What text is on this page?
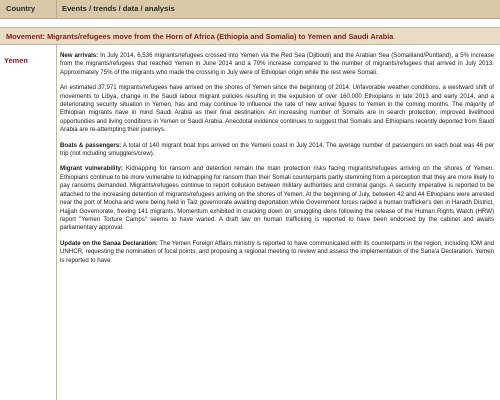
Country	Events / trends / data / analysis
Movement: Migrants/refugees move from the Horn of Africa (Ethiopia and Somalia) to Yemen and Saudi Arabia
Yemen

New arrivals: In July 2014, 6,536 migrants/refugees crossed into Yemen via the Red Sea (Djibouti) and the Arabian Sea (Somaliland/Puntland), a 5% increase from the migrants/refugees that reached Yemen in June 2014 and a 70% increase compared to the number of migrants/refugees that arrived in July 2013. Approximately 75% of the migrants who made the crossing in July were of Ethiopian origin while the rest were Somali.

An estimated 37,971 migrants/refugees have arrived on the shores of Yemen since the beginning of 2014. Unfavorable weather conditions, a westward shift of movements to Libya, change in the Saudi labour migrant policies resulting in the expulsion of over 160,000 Ethiopians in late 2013 and early 2014, and a deteriorating security situation in Yemen, has and may continue to influence the rate of new arrival figures to Yemen in the coming months. The majority of Ethiopian migrants have in mind Saudi Arabia as their final destination. An increasing number of Somalis are in search protection, improved livelihood opportunities and living conditions in Yemen or Saudi Arabia. Anecdotal evidence continues to suggest that Somalis and Ethiopians recently deported from Saudi Arabia are re-attempting their journeys.

Boats & passengers: A total of 140 migrant boat trips arrived on the Yemeni coast in July 2014. The average number of passengers on each boat was 46 per trip (not including smugglers/crew).

Migrant vulnerability: Kidnapping for ransom and detention remain the main protection risks facing migrants/refugees arriving on the shores of Yemen. Ethiopians continue to be more vulnerable to kidnapping for ransom than their Somali counterparts partly stemming from a perception that they are more likely to pay ransoms demanded. Migrants/refugees continue to report collusion between military authorities and criminal gangs. A security imperative is reported to be attached to the increasing detention of migrants/refugees arriving on the shores of Yemen. At the beginning of July, between 42 and 44 Ethiopians were arrested near the port of Mocha and were being held in Taiz governorate awaiting deportation while Government forces raided a human trafficker's den in Haradh District, Hajjah Governorate, freeing 141 migrants. Momentum exhibited in cracking down on smuggling dens following the release of the Human Rights Watch (HRW) report "Yemen Torture Camps" seems to have waned. A draft law on human trafficking is reported to have been endorsed by the cabinet and awaits parliamentary approval.

Update on the Sanaa Declaration: The Yemen Foreign Affairs ministry is reported to have communicated with its counterparts in the region, including IOM and UNHCR, requesting the nomination of focal points, and proposing a regional meeting to review and assess the implementation of the Sana'a Declaration. Yemen is reported to have
